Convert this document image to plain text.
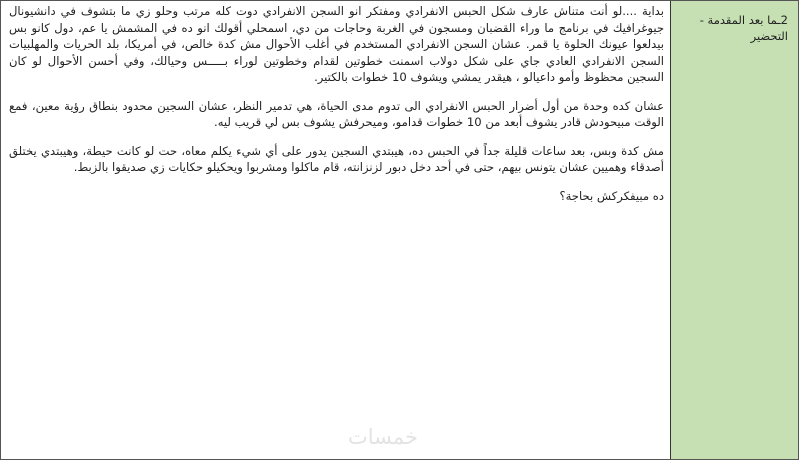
بداية ....لو أنت متناش عارف شكل الحبس الانفرادي ومفتكر انو السجن الانفرادي دوت كله مرتب وحلو زي ما بتشوف في دانشيونال جيوغرافيك في برنامج ما وراء القضبان ومسجون في الغربة وحاجات من دي، اسمحلي أقولك انو ده في المشمش يا عم، دول كانو بس بيدلعوا عيونك الحلوة يا قمر. عشان السجن الانفرادي المستخدم في أغلب الأحوال مش كدة خالص، في أمريكا، بلد الحريات والمهلبيات السجن الانفرادي العادي جاي على شكل دولاب اسمنت خطوتين لقدام وخطوتين لوراء بـــــس وحيالك، وفي أحسن الأحوال لو كان السجين محظوظ وأمو داعيالو ، هيقدر يمشي ويشوف 10 خطوات بالكتير.

عشان كده وحدة من أول أضرار الحبس الانفرادي الى تدوم مدى الحياة، هي تدمير النظر، عشان السجين محدود بنطاق رؤية معين، فمع الوقت مبيحودش قادر يشوف أبعد من 10 خطوات قدامو، وميحرفش يشوف بس لي قريب ليه.

مش كدة وبس، بعد ساعات قليلة جداً في الحبس ده، هيبتدي السجين يدور على أي شيء يكلم معاه، حت لو كانت حيطة، وهيبتدي يختلق أصدقاء وهميين عشان يتونس بيهم، حتى في أحد دخل دبور لزنزانته، قام ماكلوا ومشربوا ويحكيلو حكايات زي صديقوا بالزبط.

ده مبيفكركش بحاجة؟

2ـما بعد المقدمة - التحضير
خمسات
